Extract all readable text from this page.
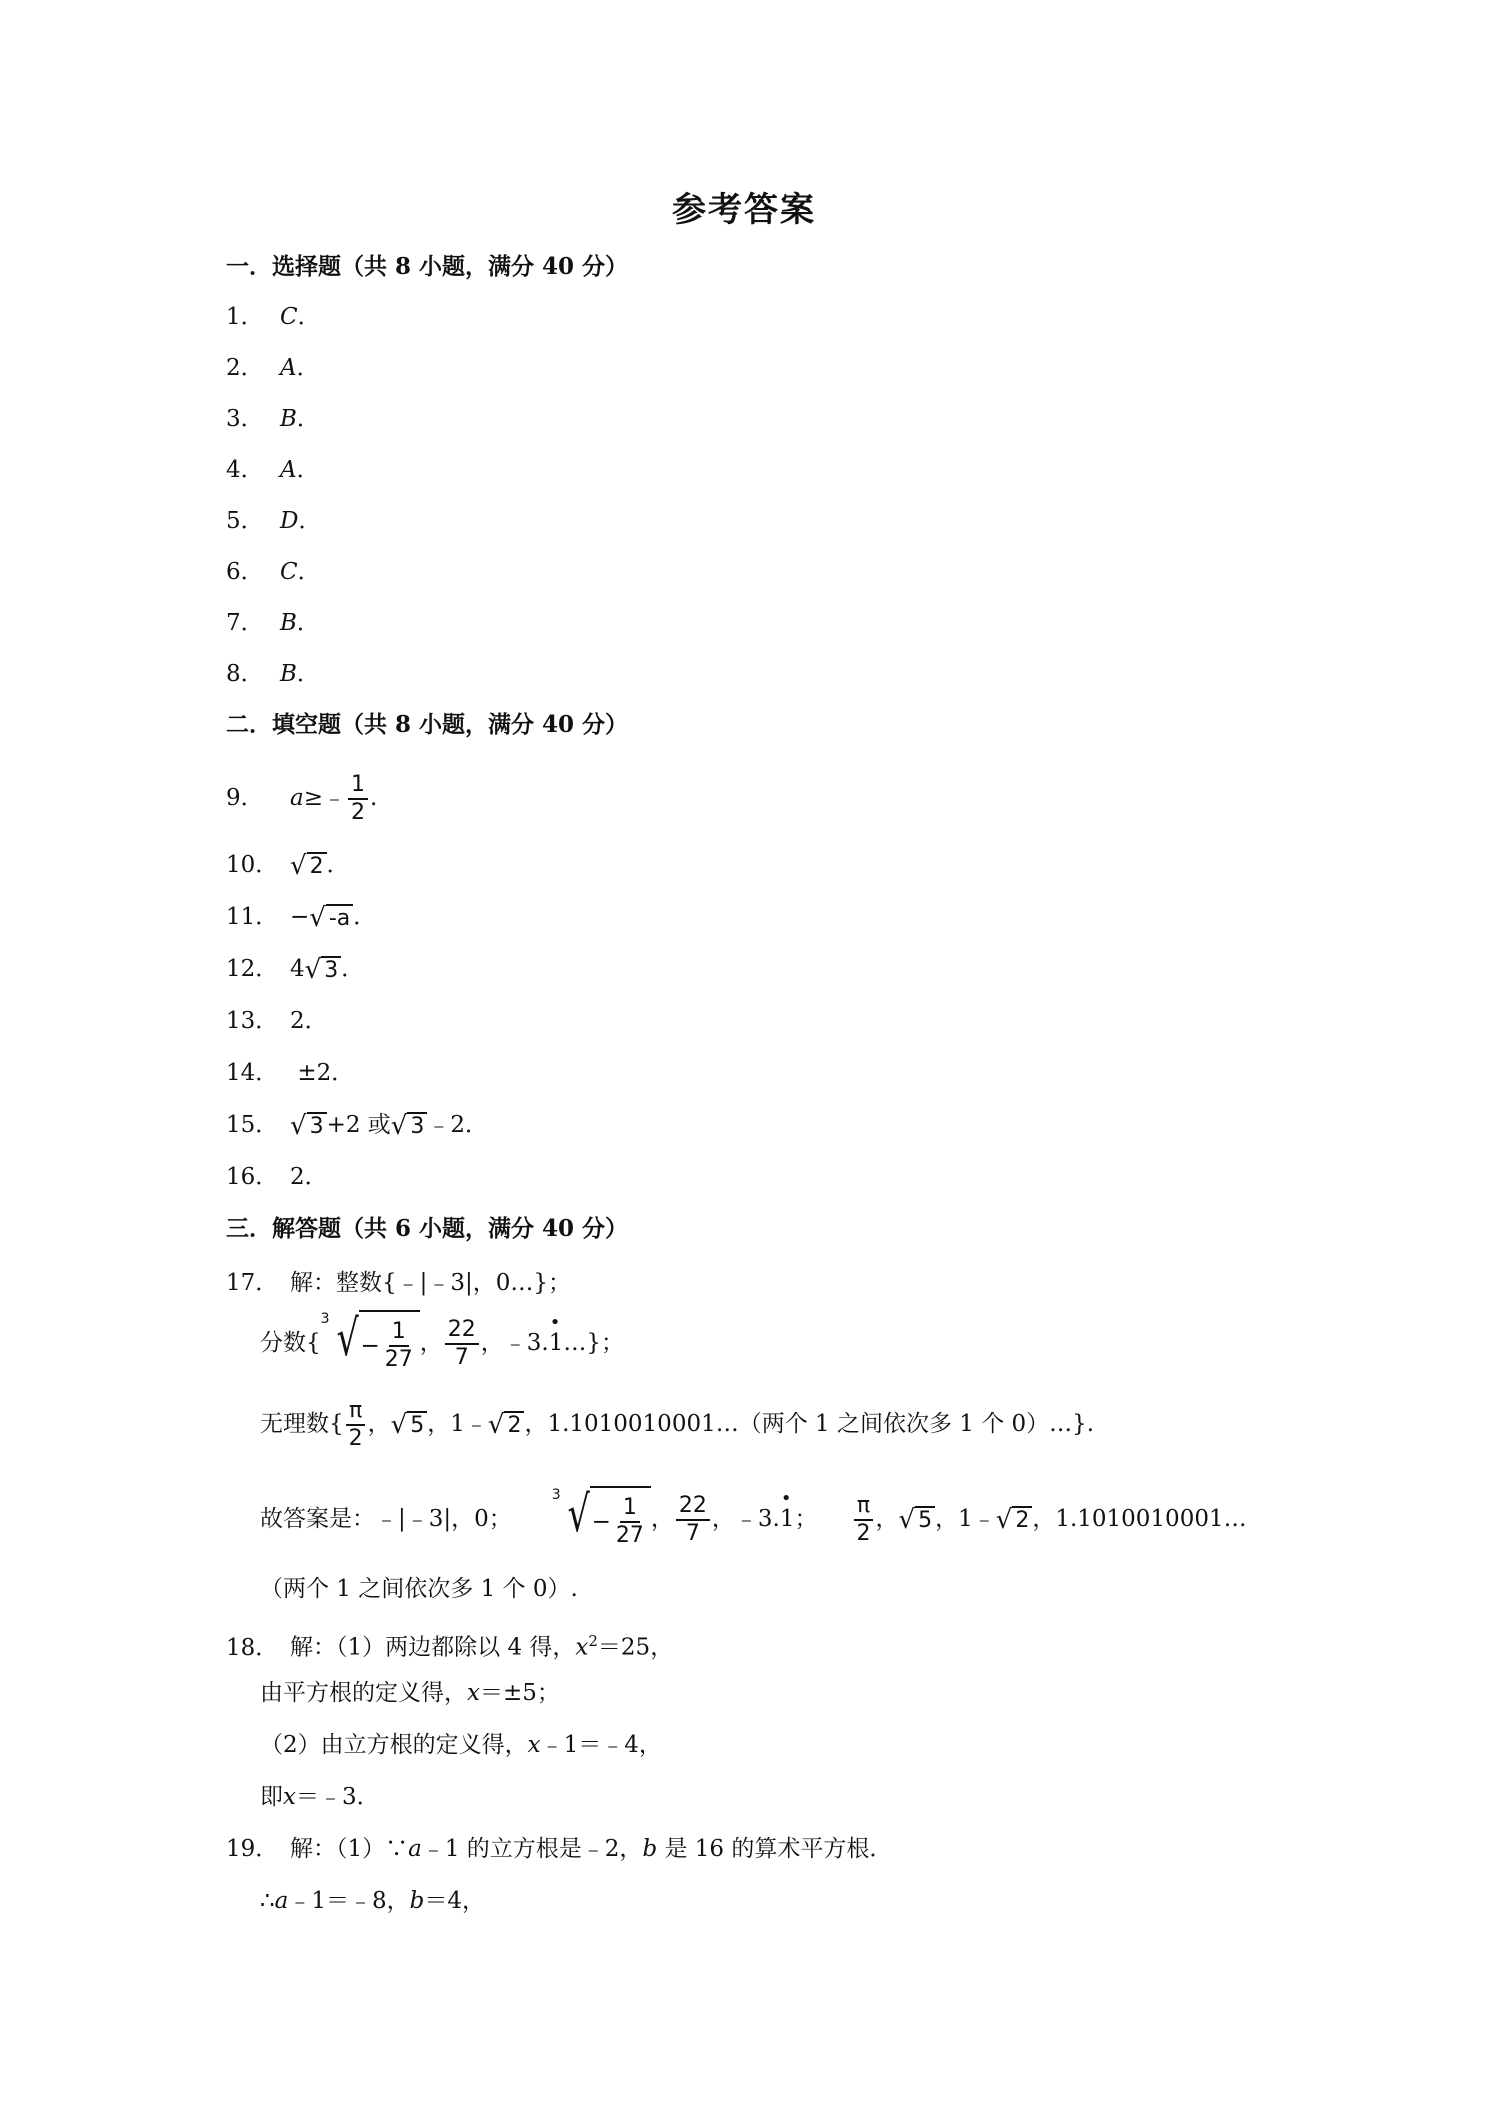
参考答案
一．选择题（共 8 小题，满分 40 分）
1． C．
2． A．
3． B．
4． A．
5． D．
6． C．
7． B．
8． B．
二．填空题（共 8 小题，满分 40 分）
9． a≥﹣ $\frac{1}{2}$ .
10． √ 2 ．
11． − √ -a ．
12． 4 √ 3 ．
13． 2．
14． ±2．
15． √ 3 +2 或 √ 3 ﹣2．
16． 2．
三．解答题（共 6 小题，满分 40 分）
17． 解：整数{﹣|﹣3|，0…}；
分数{
3 √ − $\frac{1}{27}$ ， $\frac{22}{7}$ ，﹣3.• 1…}；
无理数{ $\frac{\pi}{2}$ ， √ 5 ，1﹣ √ 2 ，1.1010010001…（两个 1 之间依次多 1 个 0）…}.
故答案是：﹣|﹣3|，0；
3 √ − $\frac{1}{27}$ ， $\frac{22}{7}$ ，﹣3.• 1； $\frac{\pi}{2}$ ， √ 5 ，1﹣ √ 2 ，1.1010010001…
（两个 1 之间依次多 1 个 0）.
18． 解：（1）两边都除以 4 得，$x^2=25$，
由平方根的定义得，x＝±5；
（2）由立方根的定义得，x﹣1＝﹣4，
即x＝﹣3．
19． 解：（1）∵a﹣1 的立方根是﹣2，b 是 16 的算术平方根．
∴a﹣1＝﹣8，b＝4，
